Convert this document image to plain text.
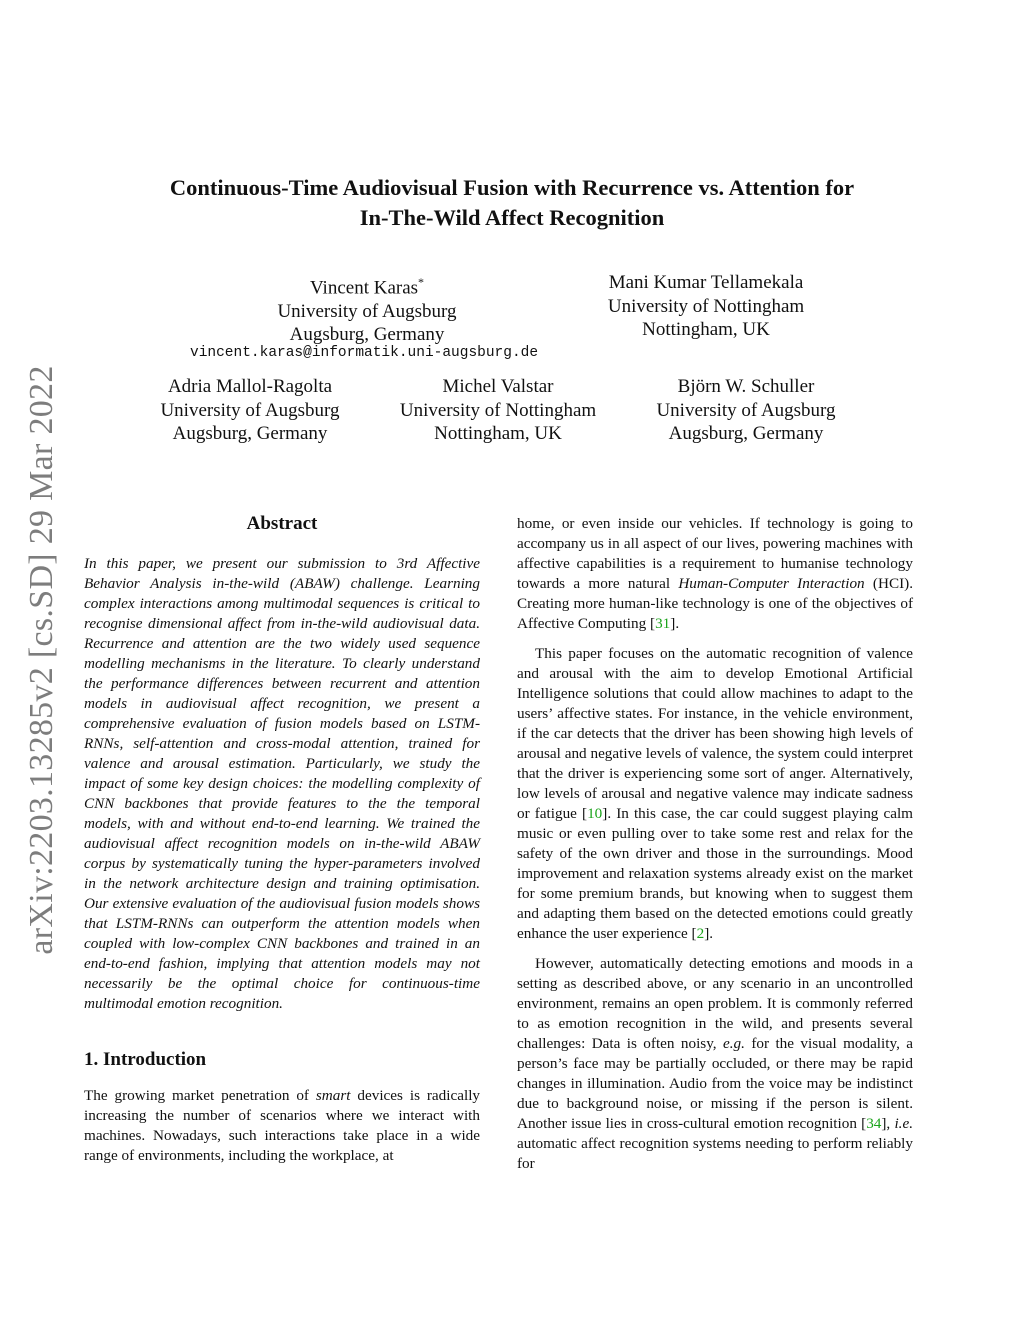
arXiv:2203.13285v2 [cs.SD] 29 Mar 2022
Continuous-Time Audiovisual Fusion with Recurrence vs. Attention for
In-The-Wild Affect Recognition
Vincent Karas*
University of Augsburg
Augsburg, Germany
Mani Kumar Tellamekala
University of Nottingham
Nottingham, UK
vincent.karas@informatik.uni-augsburg.de
Adria Mallol-Ragolta
University of Augsburg
Augsburg, Germany
Michel Valstar
University of Nottingham
Nottingham, UK
Björn W. Schuller
University of Augsburg
Augsburg, Germany
Abstract

In this paper, we present our submission to 3rd Affective Behavior Analysis in-the-wild (ABAW) challenge. Learning complex interactions among multimodal sequences is critical to recognise dimensional affect from in-the-wild audiovisual data. Recurrence and attention are the two widely used sequence modelling mechanisms in the literature. To clearly understand the performance differences between recurrent and attention models in audiovisual affect recognition, we present a comprehensive evaluation of fusion models based on LSTM-RNNs, self-attention and cross-modal attention, trained for valence and arousal estimation. Particularly, we study the impact of some key design choices: the modelling complexity of CNN backbones that provide features to the the temporal models, with and without end-to-end learning. We trained the audiovisual affect recognition models on in-the-wild ABAW corpus by systematically tuning the hyper-parameters involved in the network architecture design and training optimisation. Our extensive evaluation of the audiovisual fusion models shows that LSTM-RNNs can outperform the attention models when coupled with low-complex CNN backbones and trained in an end-to-end fashion, implying that attention models may not necessarily be the optimal choice for continuous-time multimodal emotion recognition.

1. Introduction

The growing market penetration of smart devices is radically increasing the number of scenarios where we interact with machines. Nowadays, such interactions take place in a wide range of environments, including the workplace, at

home, or even inside our vehicles. If technology is going to accompany us in all aspect of our lives, powering machines with affective capabilities is a requirement to humanise technology towards a more natural Human-Computer Interaction (HCI). Creating more human-like technology is one of the objectives of Affective Computing [31].

This paper focuses on the automatic recognition of valence and arousal with the aim to develop Emotional Artificial Intelligence solutions that could allow machines to adapt to the users’ affective states. For instance, in the vehicle environment, if the car detects that the driver has been showing high levels of arousal and negative levels of valence, the system could interpret that the driver is experiencing some sort of anger. Alternatively, low levels of arousal and negative valence may indicate sadness or fatigue [10]. In this case, the car could suggest playing calm music or even pulling over to take some rest and relax for the safety of the own driver and those in the surroundings. Mood improvement and relaxation systems already exist on the market for some premium brands, but knowing when to suggest them and adapting them based on the detected emotions could greatly enhance the user experience [2].

However, automatically detecting emotions and moods in a setting as described above, or any scenario in an uncontrolled environment, remains an open problem. It is commonly referred to as emotion recognition in the wild, and presents several challenges: Data is often noisy, e.g. for the visual modality, a person’s face may be partially occluded, or there may be rapid changes in illumination. Audio from the voice may be indistinct due to background noise, or missing if the person is silent. Another issue lies in cross-cultural emotion recognition [34], i.e. automatic affect recognition systems needing to perform reliably for
